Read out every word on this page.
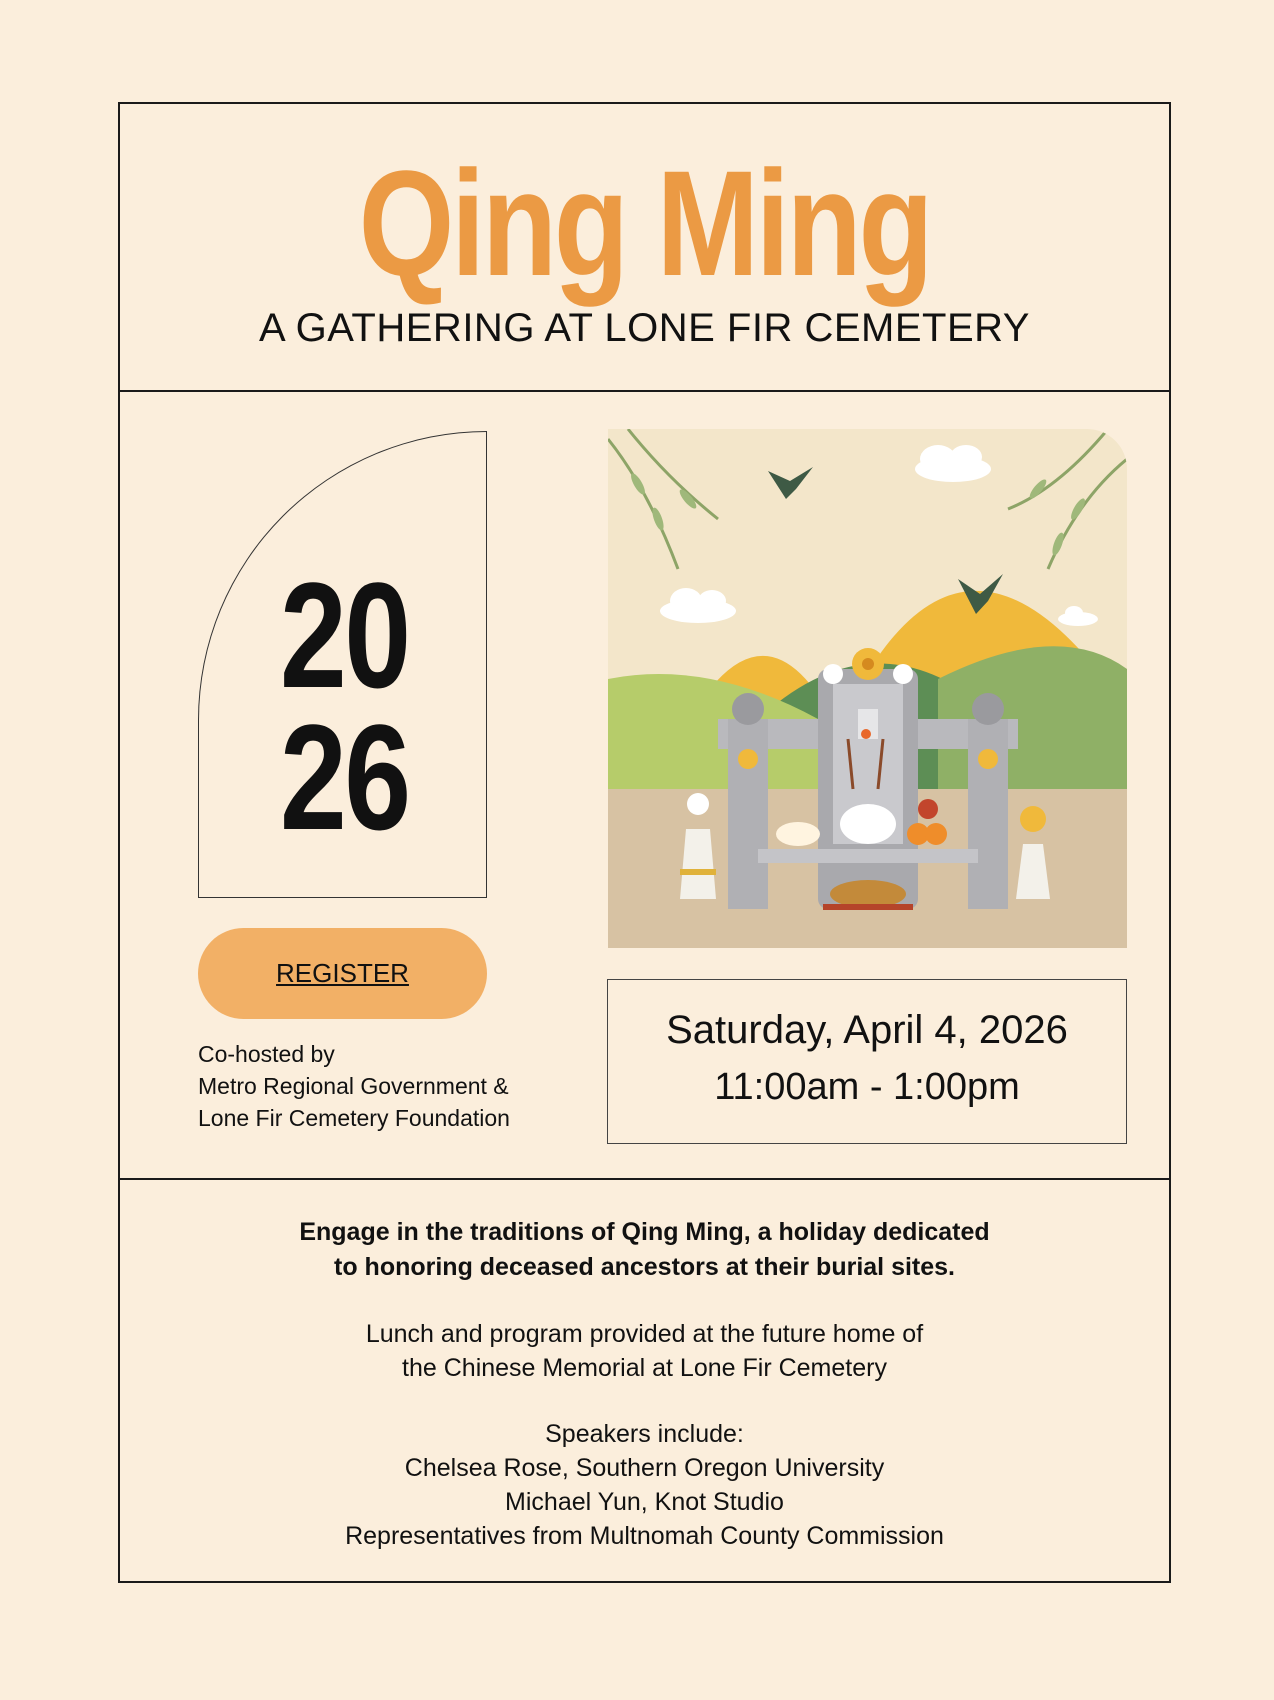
Qing Ming
A GATHERING AT LONE FIR CEMETERY
20
26
REGISTER
Co-hosted by
Metro Regional Government &
Lone Fir Cemetery Foundation
Saturday, April 4, 2026
11:00am - 1:00pm
Engage in the traditions of Qing Ming, a holiday dedicated
to honoring deceased ancestors at their burial sites.
Lunch and program provided at the future home of
the Chinese Memorial at Lone Fir Cemetery
Speakers include:
Chelsea Rose, Southern Oregon University
Michael Yun, Knot Studio
Representatives from Multnomah County Commission
